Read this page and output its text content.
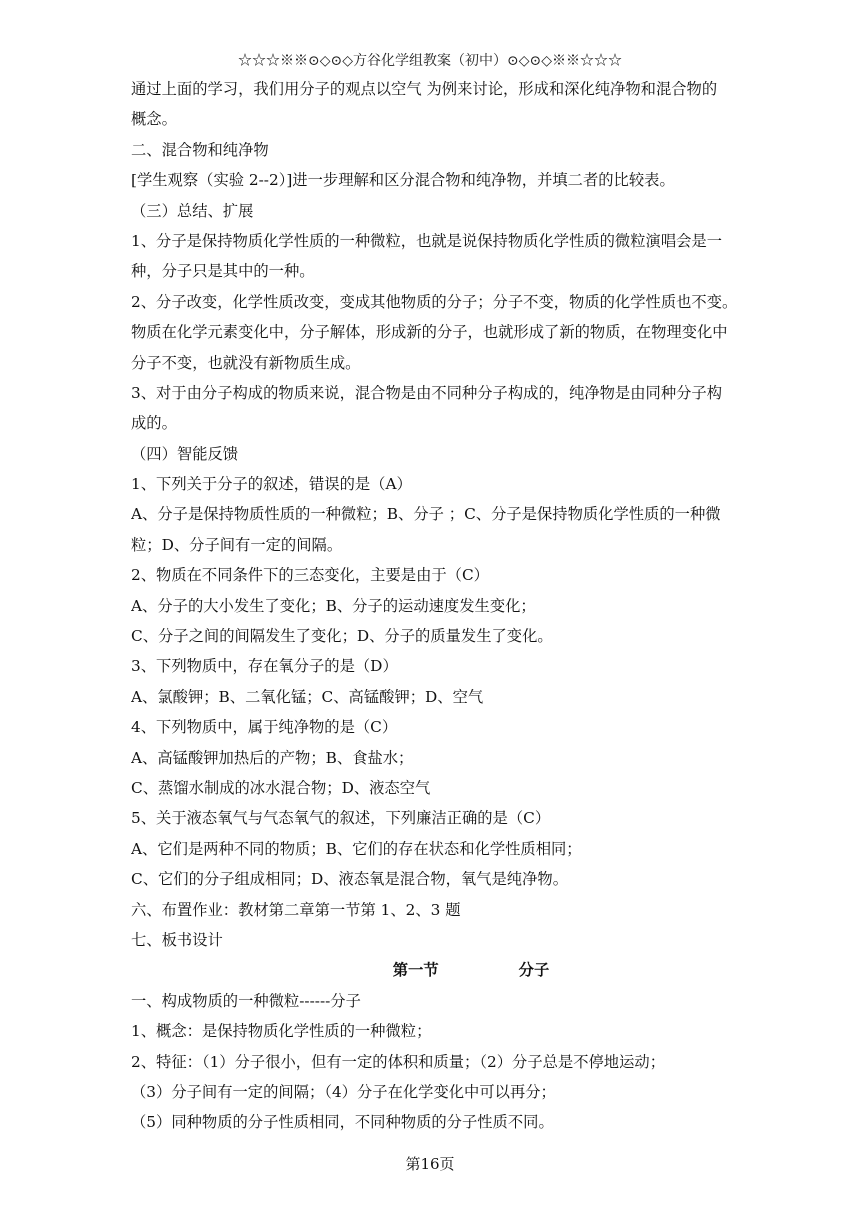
☆☆☆※※⊙◇⊙◇方谷化学组教案（初中）⊙◇⊙◇※※☆☆☆
通过上面的学习，我们用分子的观点以空气 为例来讨论，形成和深化纯净物和混合物的
概念。
二、混合物和纯净物
[学生观察（实验 2--2）]进一步理解和区分混合物和纯净物，并填二者的比较表。
（三）总结、扩展
1、分子是保持物质化学性质的一种微粒，也就是说保持物质化学性质的微粒演唱会是一
种，分子只是其中的一种。
2、分子改变，化学性质改变，变成其他物质的分子；分子不变，物质的化学性质也不变。
物质在化学元素变化中，分子解体，形成新的分子，也就形成了新的物质，在物理变化中
分子不变，也就没有新物质生成。
3、对于由分子构成的物质来说，混合物是由不同种分子构成的，纯净物是由同种分子构
成的。
（四）智能反馈
1、下列关于分子的叙述，错误的是（A）
A、分子是保持物质性质的一种微粒；B、分子 ；C、分子是保持物质化学性质的一种微
粒；D、分子间有一定的间隔。
2、物质在不同条件下的三态变化，主要是由于（C）
A、分子的大小发生了变化；B、分子的运动速度发生变化；
C、分子之间的间隔发生了变化；D、分子的质量发生了变化。
3、下列物质中，存在氧分子的是（D）
A、氯酸钾；B、二氧化锰；C、高锰酸钾；D、空气
4、下列物质中，属于纯净物的是（C）
A、高锰酸钾加热后的产物；B、食盐水；
C、蒸馏水制成的冰水混合物；D、液态空气
5、关于液态氧气与气态氧气的叙述，下列廉洁正确的是（C）
A、它们是两种不同的物质；B、它们的存在状态和化学性质相同；
C、它们的分子组成相同；D、液态氧是混合物，氧气是纯净物。
六、布置作业：教材第二章第一节第 1、2、3 题
七、板书设计
第一节	分子
一、构成物质的一种微粒------分子
1、概念：是保持物质化学性质的一种微粒；
2、特征：（1）分子很小，但有一定的体积和质量；（2）分子总是不停地运动；
（3）分子间有一定的间隔；（4）分子在化学变化中可以再分；
（5）同种物质的分子性质相同，不同种物质的分子性质不同。
第16页
